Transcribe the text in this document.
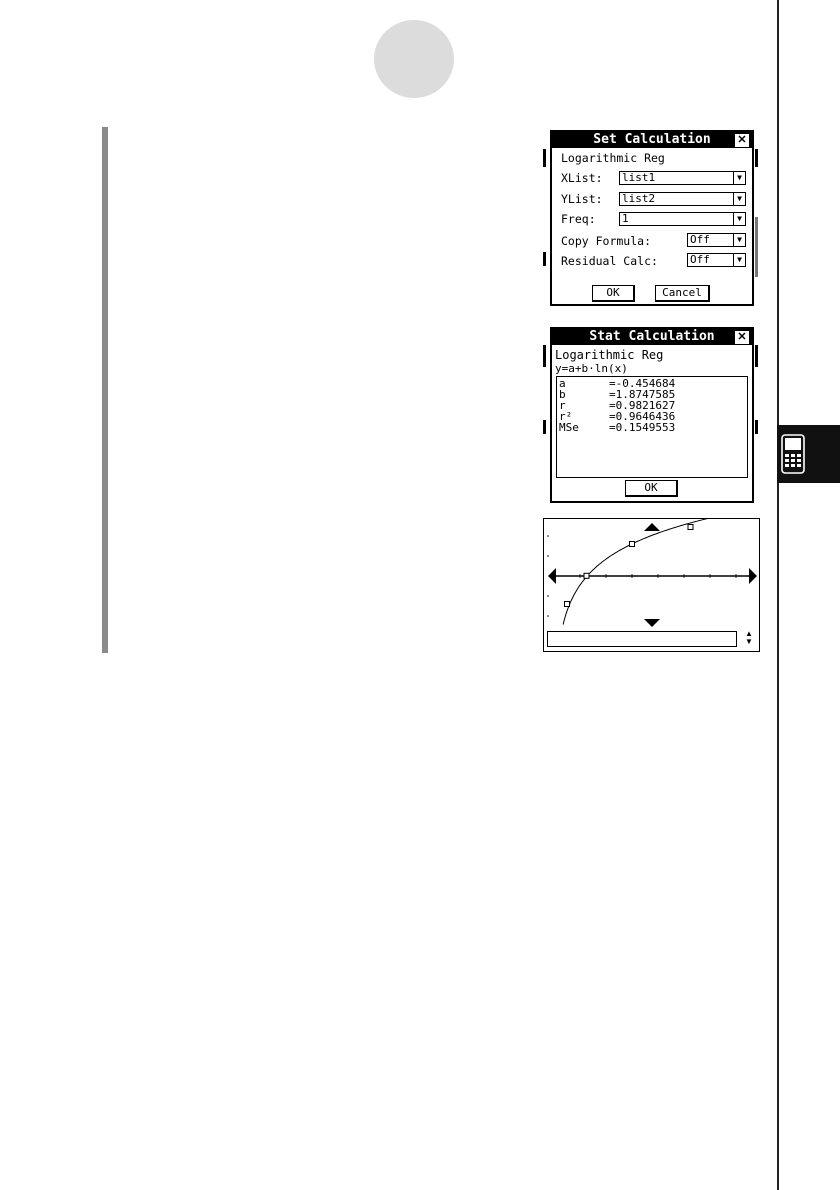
Set Calculation	✕
Logarithmic Reg
XList: list1	▼
YList: list2	▼
Freq: 1	▼
Copy Formula:	Off	▼
Residual Calc:	Off	▼
OK	Cancel
Stat Calculation	✕
Logarithmic Reg
y=a+b·ln(x)
a	=-0.454684
b	=1.8747585
r	=0.9821627
r²	=0.9646436
MSe	=0.1549553
OK
▲
▼
